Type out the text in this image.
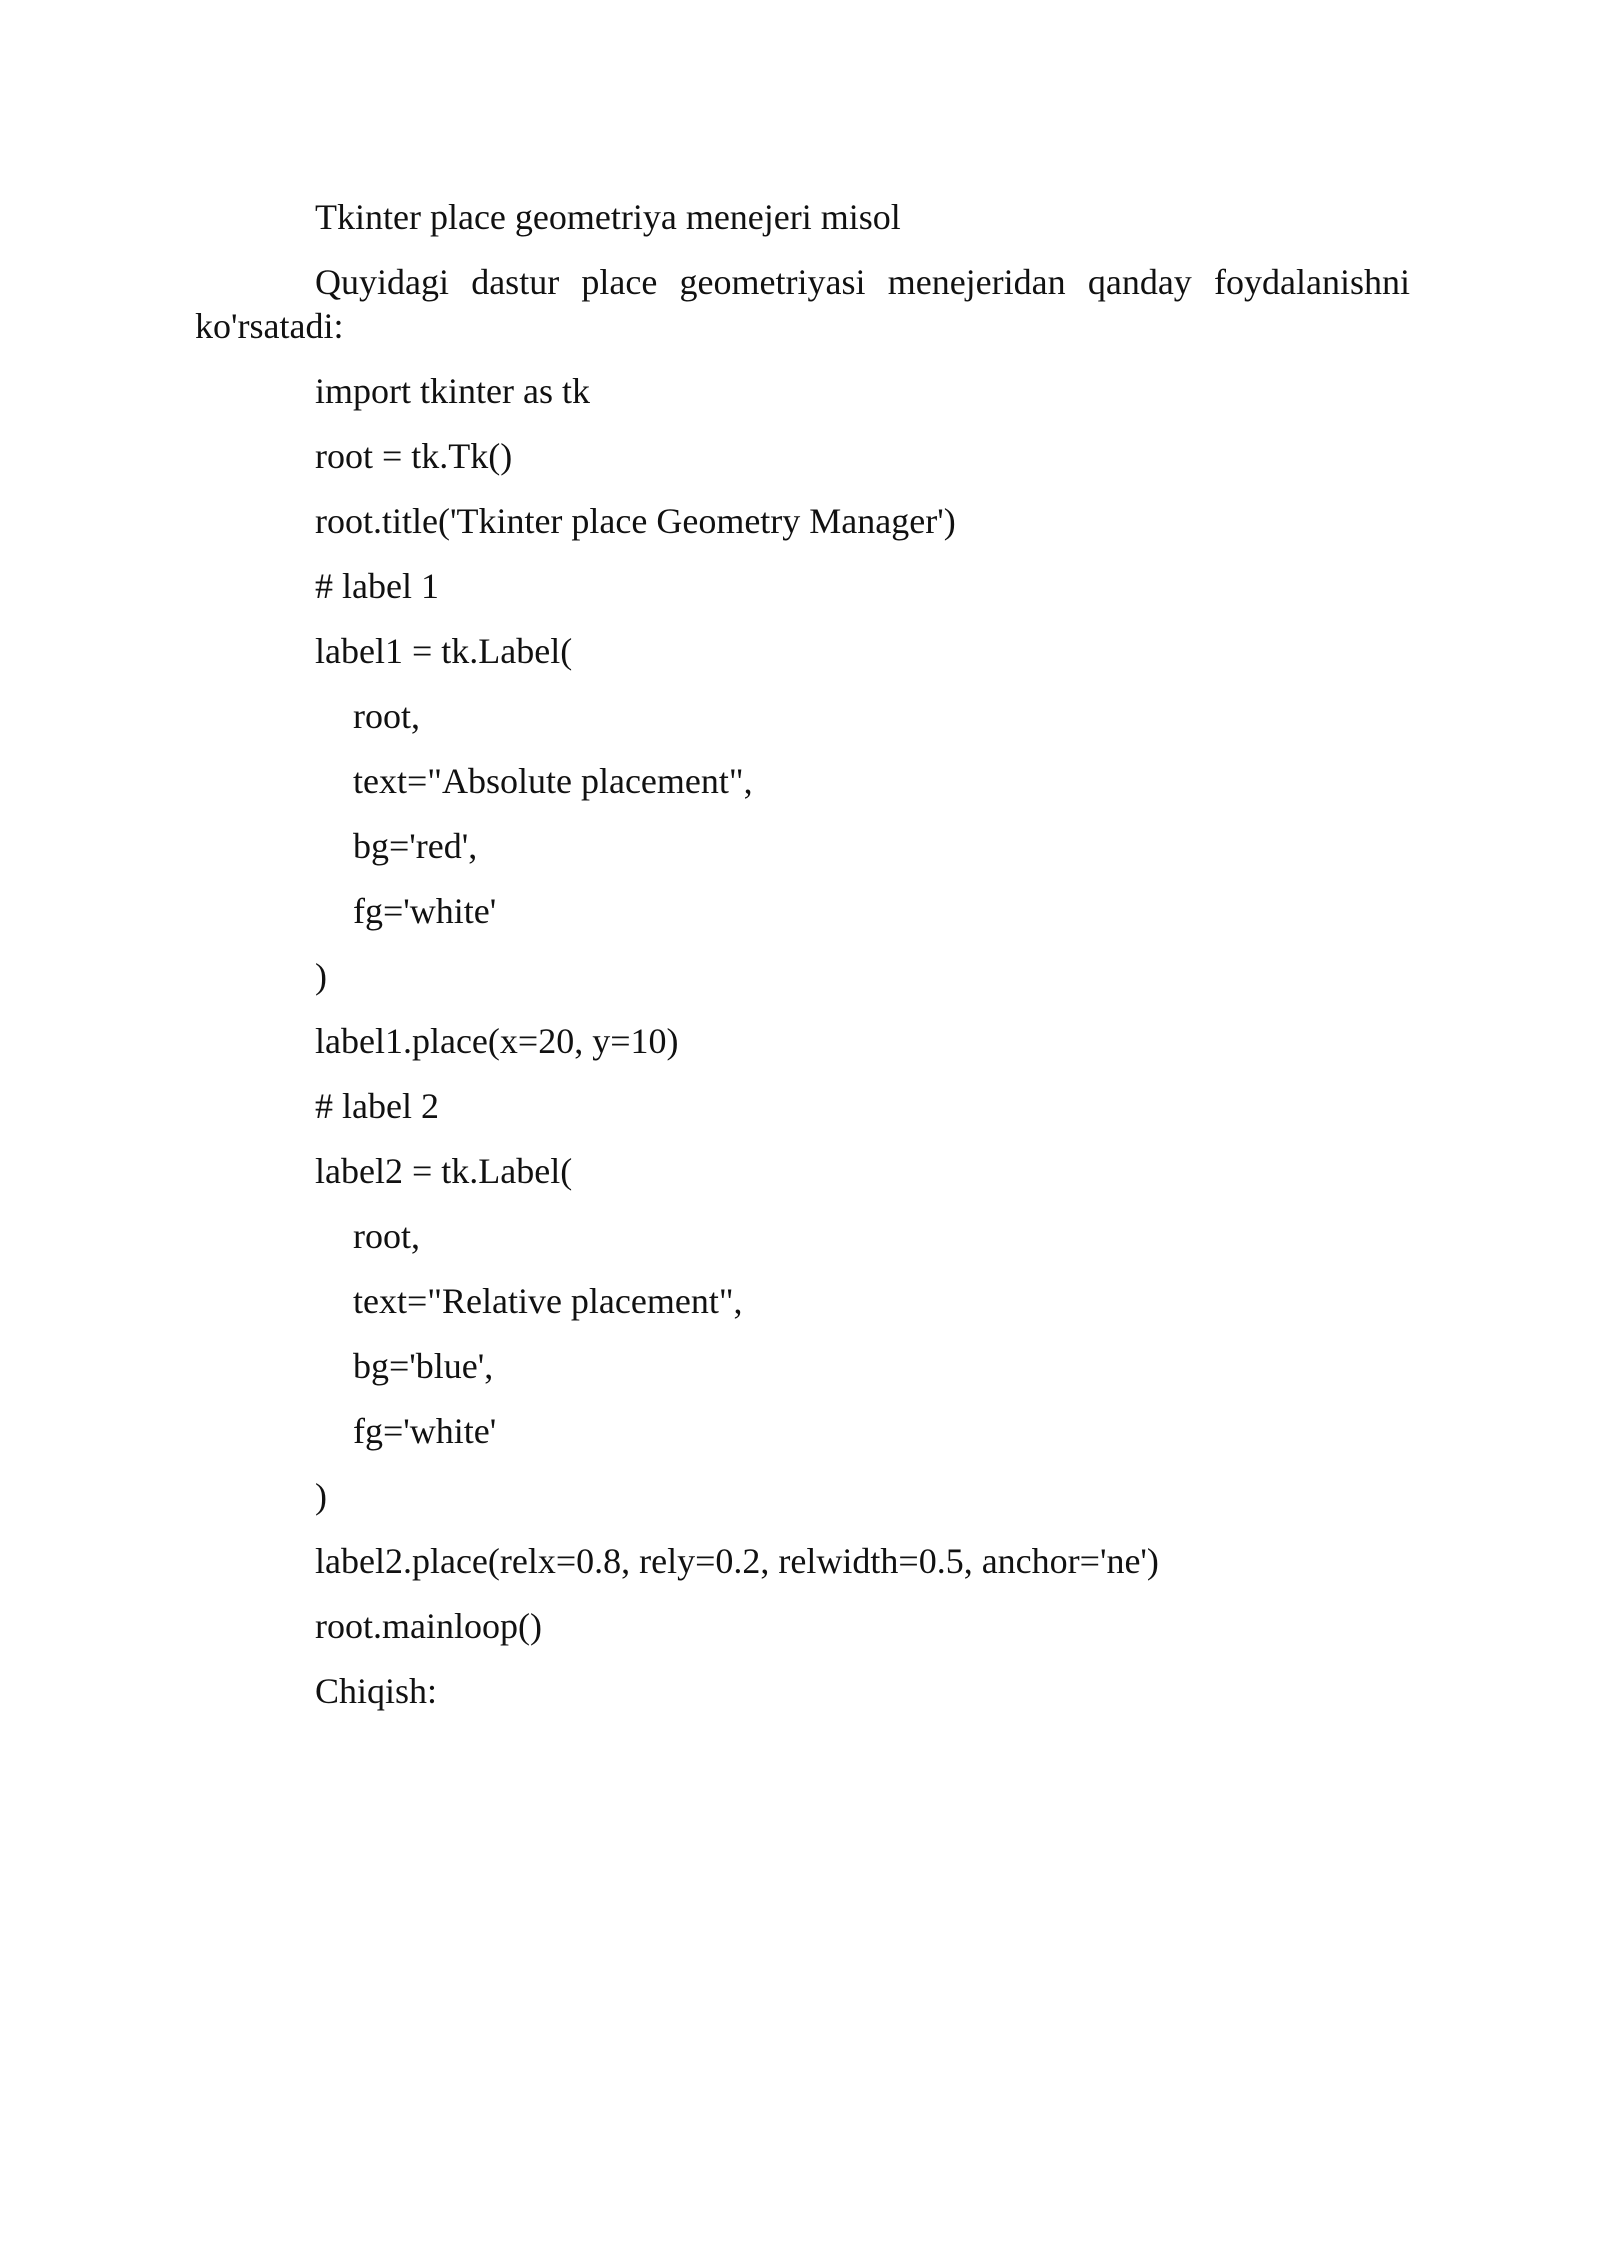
Tkinter place geometriya menejeri misol

Quyidagi dastur place geometriyasi menejeridan qanday foydalanishni ko'rsatadi:

import tkinter as tk

root = tk.Tk()

root.title('Tkinter place Geometry Manager')

# label 1

label1 = tk.Label(

root,

text="Absolute placement",

bg='red',

fg='white'

)

label1.place(x=20, y=10)

# label 2

label2 = tk.Label(

root,

text="Relative placement",

bg='blue',

fg='white'

)

label2.place(relx=0.8, rely=0.2, relwidth=0.5, anchor='ne')

root.mainloop()

Chiqish:
